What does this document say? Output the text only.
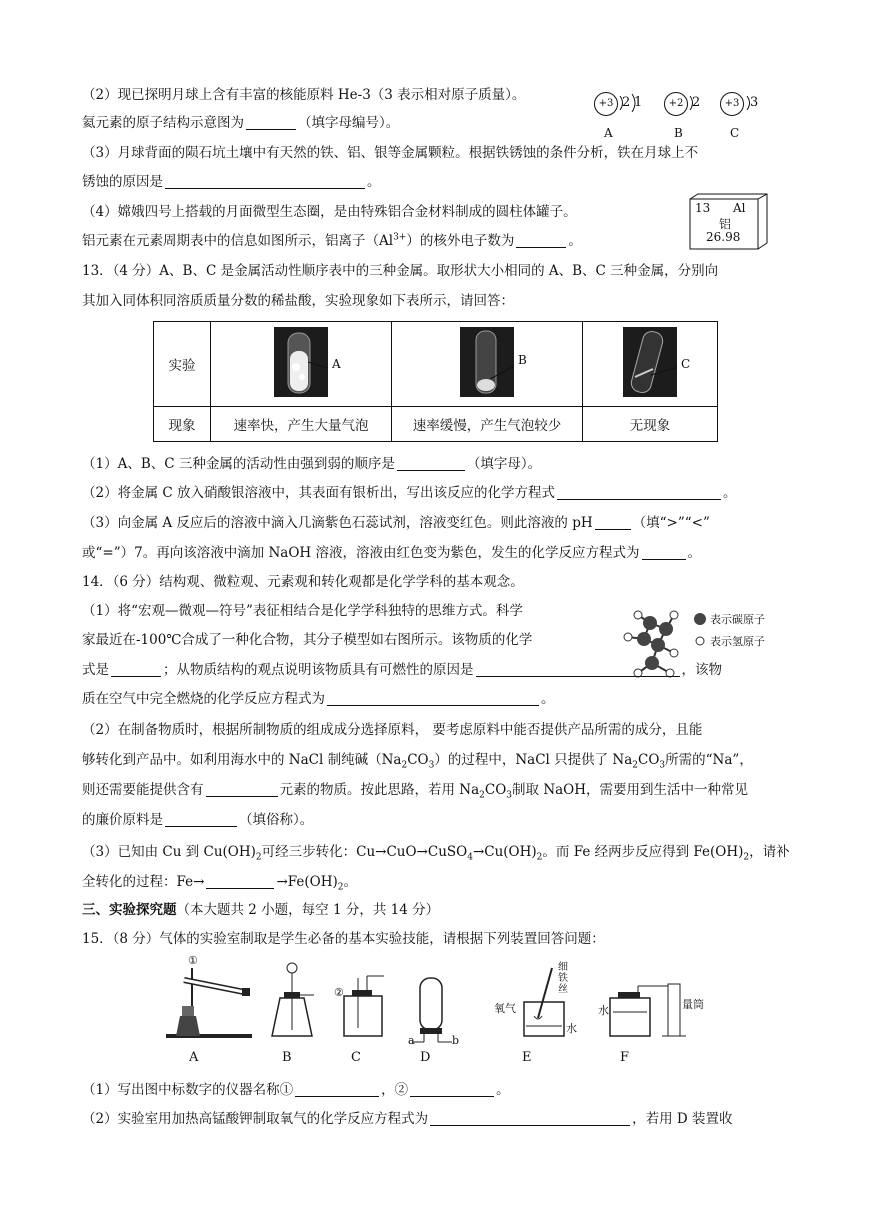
（2）现已探明月球上含有丰富的核能原料 He-3（3 表示相对原子质量）。
氦元素的原子结构示意图为	（填字母编号）。
+3 2 1
A
+2 2
B
+3 3
C
（3）月球背面的陨石坑土壤中有天然的铁、铝、银等金属颗粒。根据铁锈蚀的条件分析，铁在月球上不
锈蚀的原因是	。
（4）嫦娥四号上搭载的月面微型生态圈，是由特殊铝合金材料制成的圆柱体罐子。
铝元素在元素周期表中的信息如图所示，铝离子$(Al^{3+})$的核外电子数为	。
13 Al
铝
26.98
13．（4 分）A、B、C 是金属活动性顺序表中的三种金属。取形状大小相同的 A、B、C 三种金属，分别向
其加入同体积同溶质质量分数的稀盐酸，实验现象如下表所示，请回答：
实验	A	B	C

现象	速率快，产生大量气泡	速率缓慢，产生气泡较少	无现象
（1）A、B、C 三种金属的活动性由强到弱的顺序是	（填字母）。
（2）将金属 C 放入硝酸银溶液中，其表面有银析出，写出该反应的化学方程式	。
（3）向金属 A 反应后的溶液中滴入几滴紫色石蕊试剂，溶液变红色。则此溶液的 pH	（填“>”“<”
或“=”）7。再向该溶液中滴加 NaOH 溶液，溶液由红色变为紫色，发生的化学反应方程式为	。
14．（6 分）结构观、微粒观、元素观和转化观都是化学学科的基本观念。
（1）将“宏观—微观—符号”表征相结合是化学学科独特的思维方式。科学
家最近在-100℃合成了一种化合物，其分子模型如右图所示。该物质的化学
表示碳原子
表示氢原子
式是	；从物质结构的观点说明该物质具有可燃性的原因是	，该物
质在空气中完全燃烧的化学反应方程式为	。
（2）在制备物质时，根据所制物质的组成成分选择原料， 要考虑原料中能否提供产品所需的成分，且能
够转化到产品中。如利用海水中的 NaCl 制纯碱$(Na_2CO_3)$的过程中，NaCl 只提供了 $Na_2CO_3$所需的“Na”，
则还需要能提供含有	元素的物质。按此思路，若用 $Na_2CO_3$制取 NaOH，需要用到生活中一种常见
的廉价原料是	（填俗称）。
（3）已知由 Cu 到 $Cu(OH)_2$可经三步转化：$Cu\to CuO\to CuSO_4\to Cu(OH)_2$。而 Fe 经两步反应得到 $Fe(OH)_2$，请补
全转化的过程：Fe→	$\to Fe(OH)_2$。
三、实验探究题（本大题共 2 小题，每空 1 分，共 14 分）
15．（8 分）气体的实验室制取是学生必备的基本实验技能，请根据下列装置回答问题：
①
②
a	b
氧气
细
铁
丝
水
水	量筒
A	B	C	D	E	F
（1）写出图中标数字的仪器名称①	，②	。
（2）实验室用加热高锰酸钾制取氧气的化学反应方程式为	，若用 D 装置收
